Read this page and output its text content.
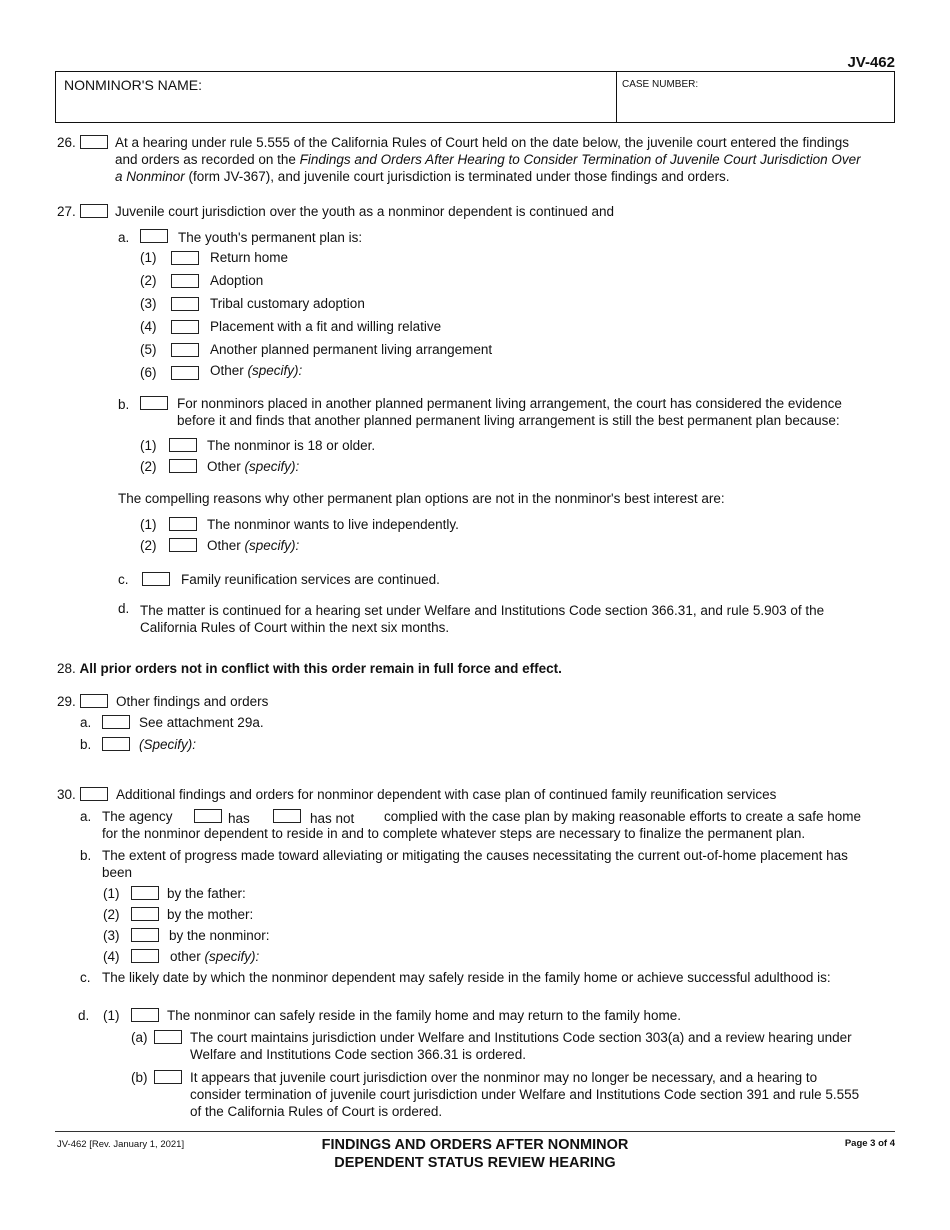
JV-462
NONMINOR'S NAME:	CASE NUMBER:
26.	At a hearing under rule 5.555 of the California Rules of Court held on the date below, the juvenile court entered the findings
and orders as recorded on the Findings and Orders After Hearing to Consider Termination of Juvenile Court Jurisdiction Over
a Nonminor (form JV-367), and juvenile court jurisdiction is terminated under those findings and orders.
27.	Juvenile court jurisdiction over the youth as a nonminor dependent is continued and
a.	The youth's permanent plan is:
(1)	Return home
(2)	Adoption
(3)	Tribal customary adoption
(4)	Placement with a fit and willing relative
(5)	Another planned permanent living arrangement
(6)	Other (specify):
b.	For nonminors placed in another planned permanent living arrangement, the court has considered the evidence
before it and finds that another planned permanent living arrangement is still the best permanent plan because:
(1)	The nonminor is 18 or older.
(2)	Other (specify):
The compelling reasons why other permanent plan options are not in the nonminor's best interest are:
(1)	The nonminor wants to live independently.
(2)	Other (specify):
c.	Family reunification services are continued.
d. The matter is continued for a hearing set under Welfare and Institutions Code section 366.31, and rule 5.903 of the
California Rules of Court within the next six months.
28. All prior orders not in conflict with this order remain in full force and effect.
29.	Other findings and orders
a.	See attachment 29a.
b.	(Specify):
30.	Additional findings and orders for nonminor dependent with case plan of continued family reunification services
a. The agency	has	has not complied with the case plan by making reasonable efforts to create a safe home
for the nonminor dependent to reside in and to complete whatever steps are necessary to finalize the permanent plan.
b. The extent of progress made toward alleviating or mitigating the causes necessitating the current out-of-home placement has
been
(1)	by the father:
(2)	by the mother:
(3)	by the nonminor:
(4)	other (specify):
c. The likely date by which the nonminor dependent may safely reside in the family home or achieve successful adulthood is:
d. (1)	The nonminor can safely reside in the family home and may return to the family home.
(a)	The court maintains jurisdiction under Welfare and Institutions Code section 303(a) and a review hearing under
Welfare and Institutions Code section 366.31 is ordered.
(b)	It appears that juvenile court jurisdiction over the nonminor may no longer be necessary, and a hearing to
consider termination of juvenile court jurisdiction under Welfare and Institutions Code section 391 and rule 5.555
of the California Rules of Court is ordered.
JV-462 [Rev. January 1, 2021]	FINDINGS AND ORDERS AFTER NONMINOR
DEPENDENT STATUS REVIEW HEARING
Page 3 of 4
